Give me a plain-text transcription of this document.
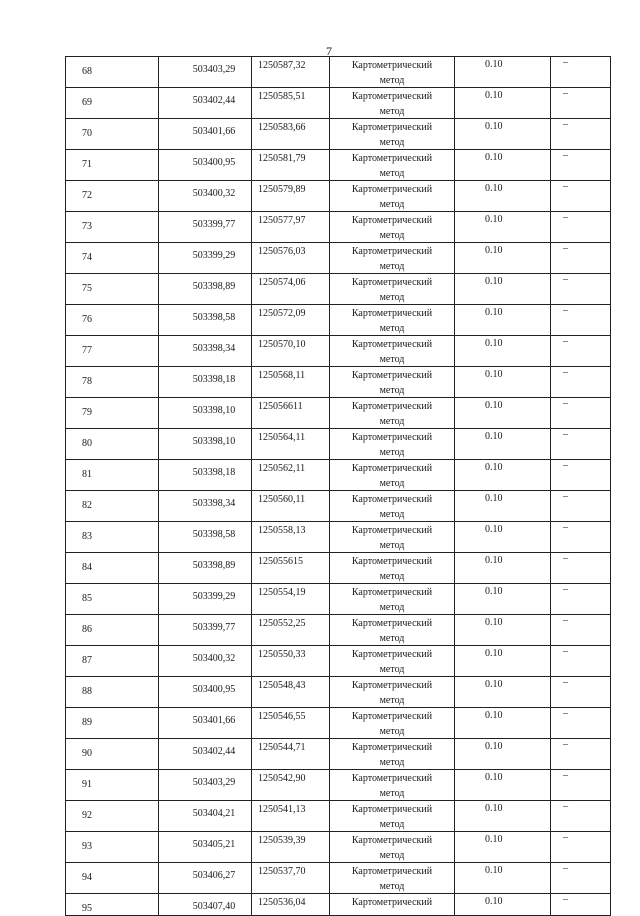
7
68	503403,29	1250587,32	Картометрический
метод	0.10	–
69	503402,44	1250585,51	Картометрический
метод	0.10	–
70	503401,66	1250583,66	Картометрический
метод	0.10	–
71	503400,95	1250581,79	Картометрический
метод	0.10	–
72	503400,32	1250579,89	Картометрический
метод	0.10	–
73	503399,77	1250577,97	Картометрический
метод	0.10	–
74	503399,29	1250576,03	Картометрический
метод	0.10	–
75	503398,89	1250574,06	Картометрический
метод	0.10	–
76	503398,58	1250572,09	Картометрический
метод	0.10	–
77	503398,34	1250570,10	Картометрический
метод	0.10	–
78	503398,18	1250568,11	Картометрический
метод	0.10	–
79	503398,10	125056611	Картометрический
метод	0.10	–
80	503398,10	1250564,11	Картометрический
метод	0.10	–
81	503398,18	1250562,11	Картометрический
метод	0.10	–
82	503398,34	1250560,11	Картометрический
метод	0.10	–
83	503398,58	1250558,13	Картометрический
метод	0.10	–
84	503398,89	125055615	Картометрический
метод	0.10	–
85	503399,29	1250554,19	Картометрический
метод	0.10	–
86	503399,77	1250552,25	Картометрический
метод	0.10	–
87	503400,32	1250550,33	Картометрический
метод	0.10	–
88	503400,95	1250548,43	Картометрический
метод	0.10	–
89	503401,66	1250546,55	Картометрический
метод	0.10	–
90	503402,44	1250544,71	Картометрический
метод	0.10	–
91	503403,29	1250542,90	Картометрический
метод	0.10	–
92	503404,21	1250541,13	Картометрический
метод	0.10	–
93	503405,21	1250539,39	Картометрический
метод	0.10	–
94	503406,27	1250537,70	Картометрический
метод	0.10	–
95	503407,40	1250536,04	Картометрический	0.10	–
